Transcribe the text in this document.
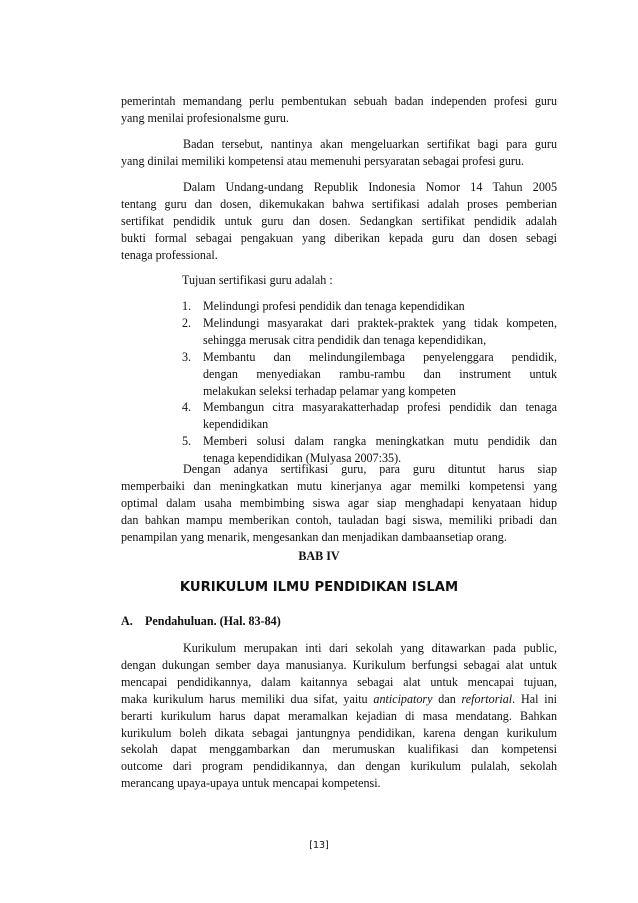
pemerintah memandang perlu pembentukan sebuah badan independen profesi guru
yang menilai profesionalsme guru.
Badan tersebut, nantinya akan mengeluarkan sertifikat bagi para guru
yang dinilai memiliki kompetensi atau memenuhi persyaratan sebagai profesi guru.
Dalam Undang-undang Republik Indonesia Nomor 14 Tahun 2005
tentang guru dan dosen, dikemukakan bahwa sertifikasi adalah proses pemberian
sertifikat pendidik untuk guru dan dosen. Sedangkan sertifikat pendidik adalah
bukti formal sebagai pengakuan yang diberikan kepada guru dan dosen sebagi
tenaga professional.
Tujuan sertifikasi guru adalah :
1. Melindungi profesi pendidik dan tenaga kependidikan
2. Melindungi masyarakat dari praktek-praktek yang tidak kompeten,
sehingga merusak citra pendidik dan tenaga kependidikan,
3. Membantu dan melindungilembaga penyelenggara pendidik,
dengan menyediakan rambu-rambu dan instrument untuk
melakukan seleksi terhadap pelamar yang kompeten
4. Membangun citra masyarakatterhadap profesi pendidik dan tenaga
kependidikan
5. Memberi solusi dalam rangka meningkatkan mutu pendidik dan
tenaga kependidikan (Mulyasa 2007:35).
Dengan adanya sertifikasi guru, para guru dituntut harus siap
memperbaiki dan meningkatkan mutu kinerjanya agar memilki kompetensi yang
optimal dalam usaha membimbing siswa agar siap menghadapi kenyataan hidup
dan bahkan mampu memberikan contoh, tauladan bagi siswa, memiliki pribadi dan
penampilan yang menarik, mengesankan dan menjadikan dambaansetiap orang.
BAB IV
KURIKULUM ILMU PENDIDIKAN ISLAM
A. Pendahuluan. (Hal. 83-84)
Kurikulum merupakan inti dari sekolah yang ditawarkan pada public,
dengan dukungan sember daya manusianya. Kurikulum berfungsi sebagai alat untuk
mencapai pendidikannya, dalam kaitannya sebagai alat untuk mencapai tujuan,
maka kurikulum harus memiliki dua sifat, yaitu anticipatory dan refortorial. Hal ini
berarti kurikulum harus dapat meramalkan kejadian di masa mendatang. Bahkan
kurikulum boleh dikata sebagai jantungnya pendidikan, karena dengan kurikulum
sekolah dapat menggambarkan dan merumuskan kualifikasi dan kompetensi
outcome dari program pendidikannya, dan dengan kurikulum pulalah, sekolah
merancang upaya-upaya untuk mencapai kompetensi.
[13]
